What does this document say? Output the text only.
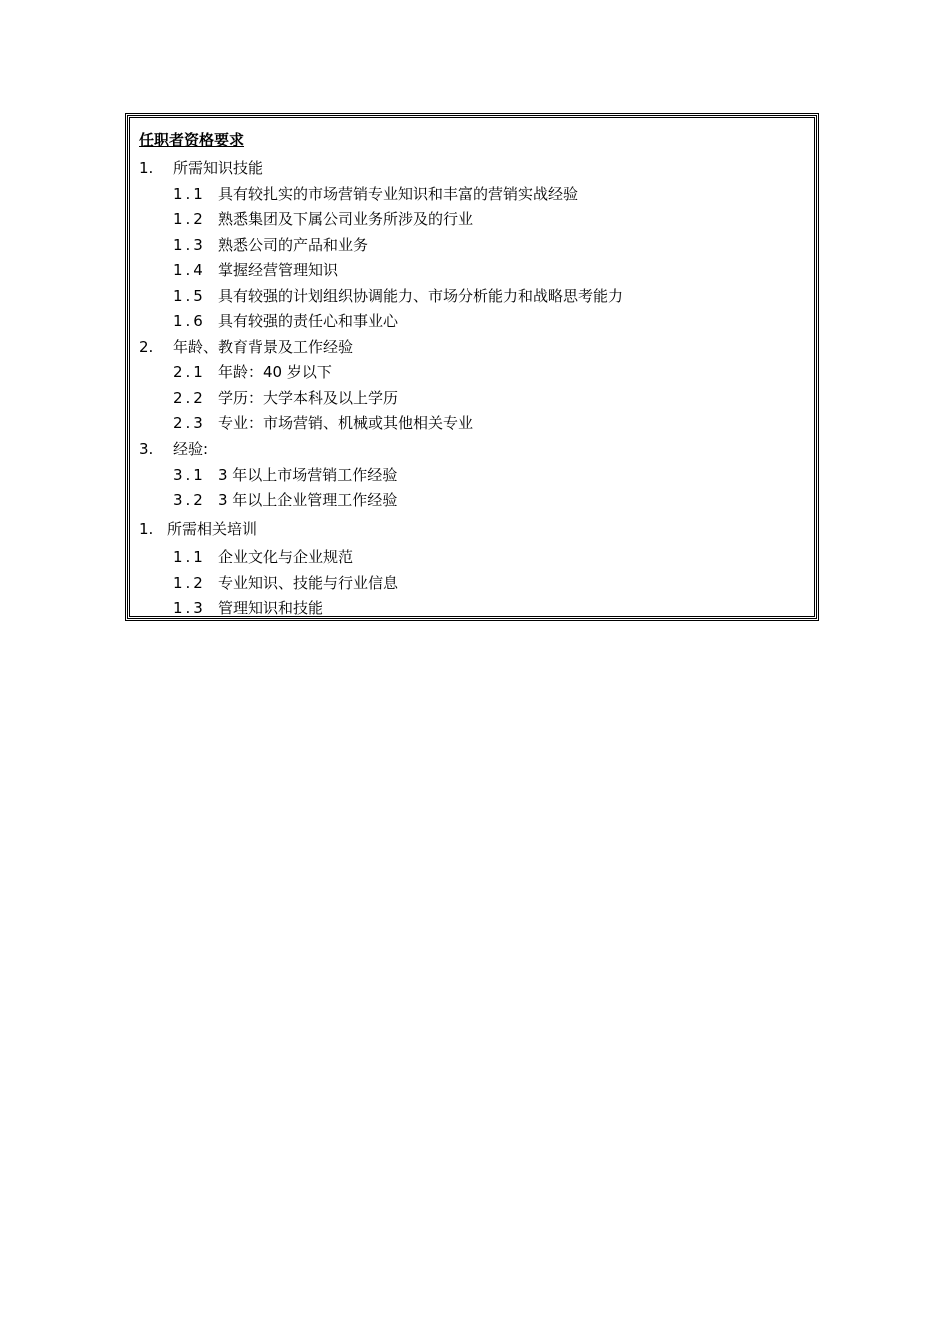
任职者资格要求
1. 所需知识技能
1.1 具有较扎实的市场营销专业知识和丰富的营销实战经验
1.2 熟悉集团及下属公司业务所涉及的行业
1.3 熟悉公司的产品和业务
1.4 掌握经营管理知识
1.5 具有较强的计划组织协调能力、市场分析能力和战略思考能力
1.6 具有较强的责任心和事业心
2. 年龄、教育背景及工作经验
2.1 年龄：40 岁以下
2.2 学历：大学本科及以上学历
2.3 专业：市场营销、机械或其他相关专业
3. 经验:
3.1 3 年以上市场营销工作经验
3.2 3 年以上企业管理工作经验
1. 所需相关培训
1.1 企业文化与企业规范
1.2 专业知识、技能与行业信息
1.3 管理知识和技能
